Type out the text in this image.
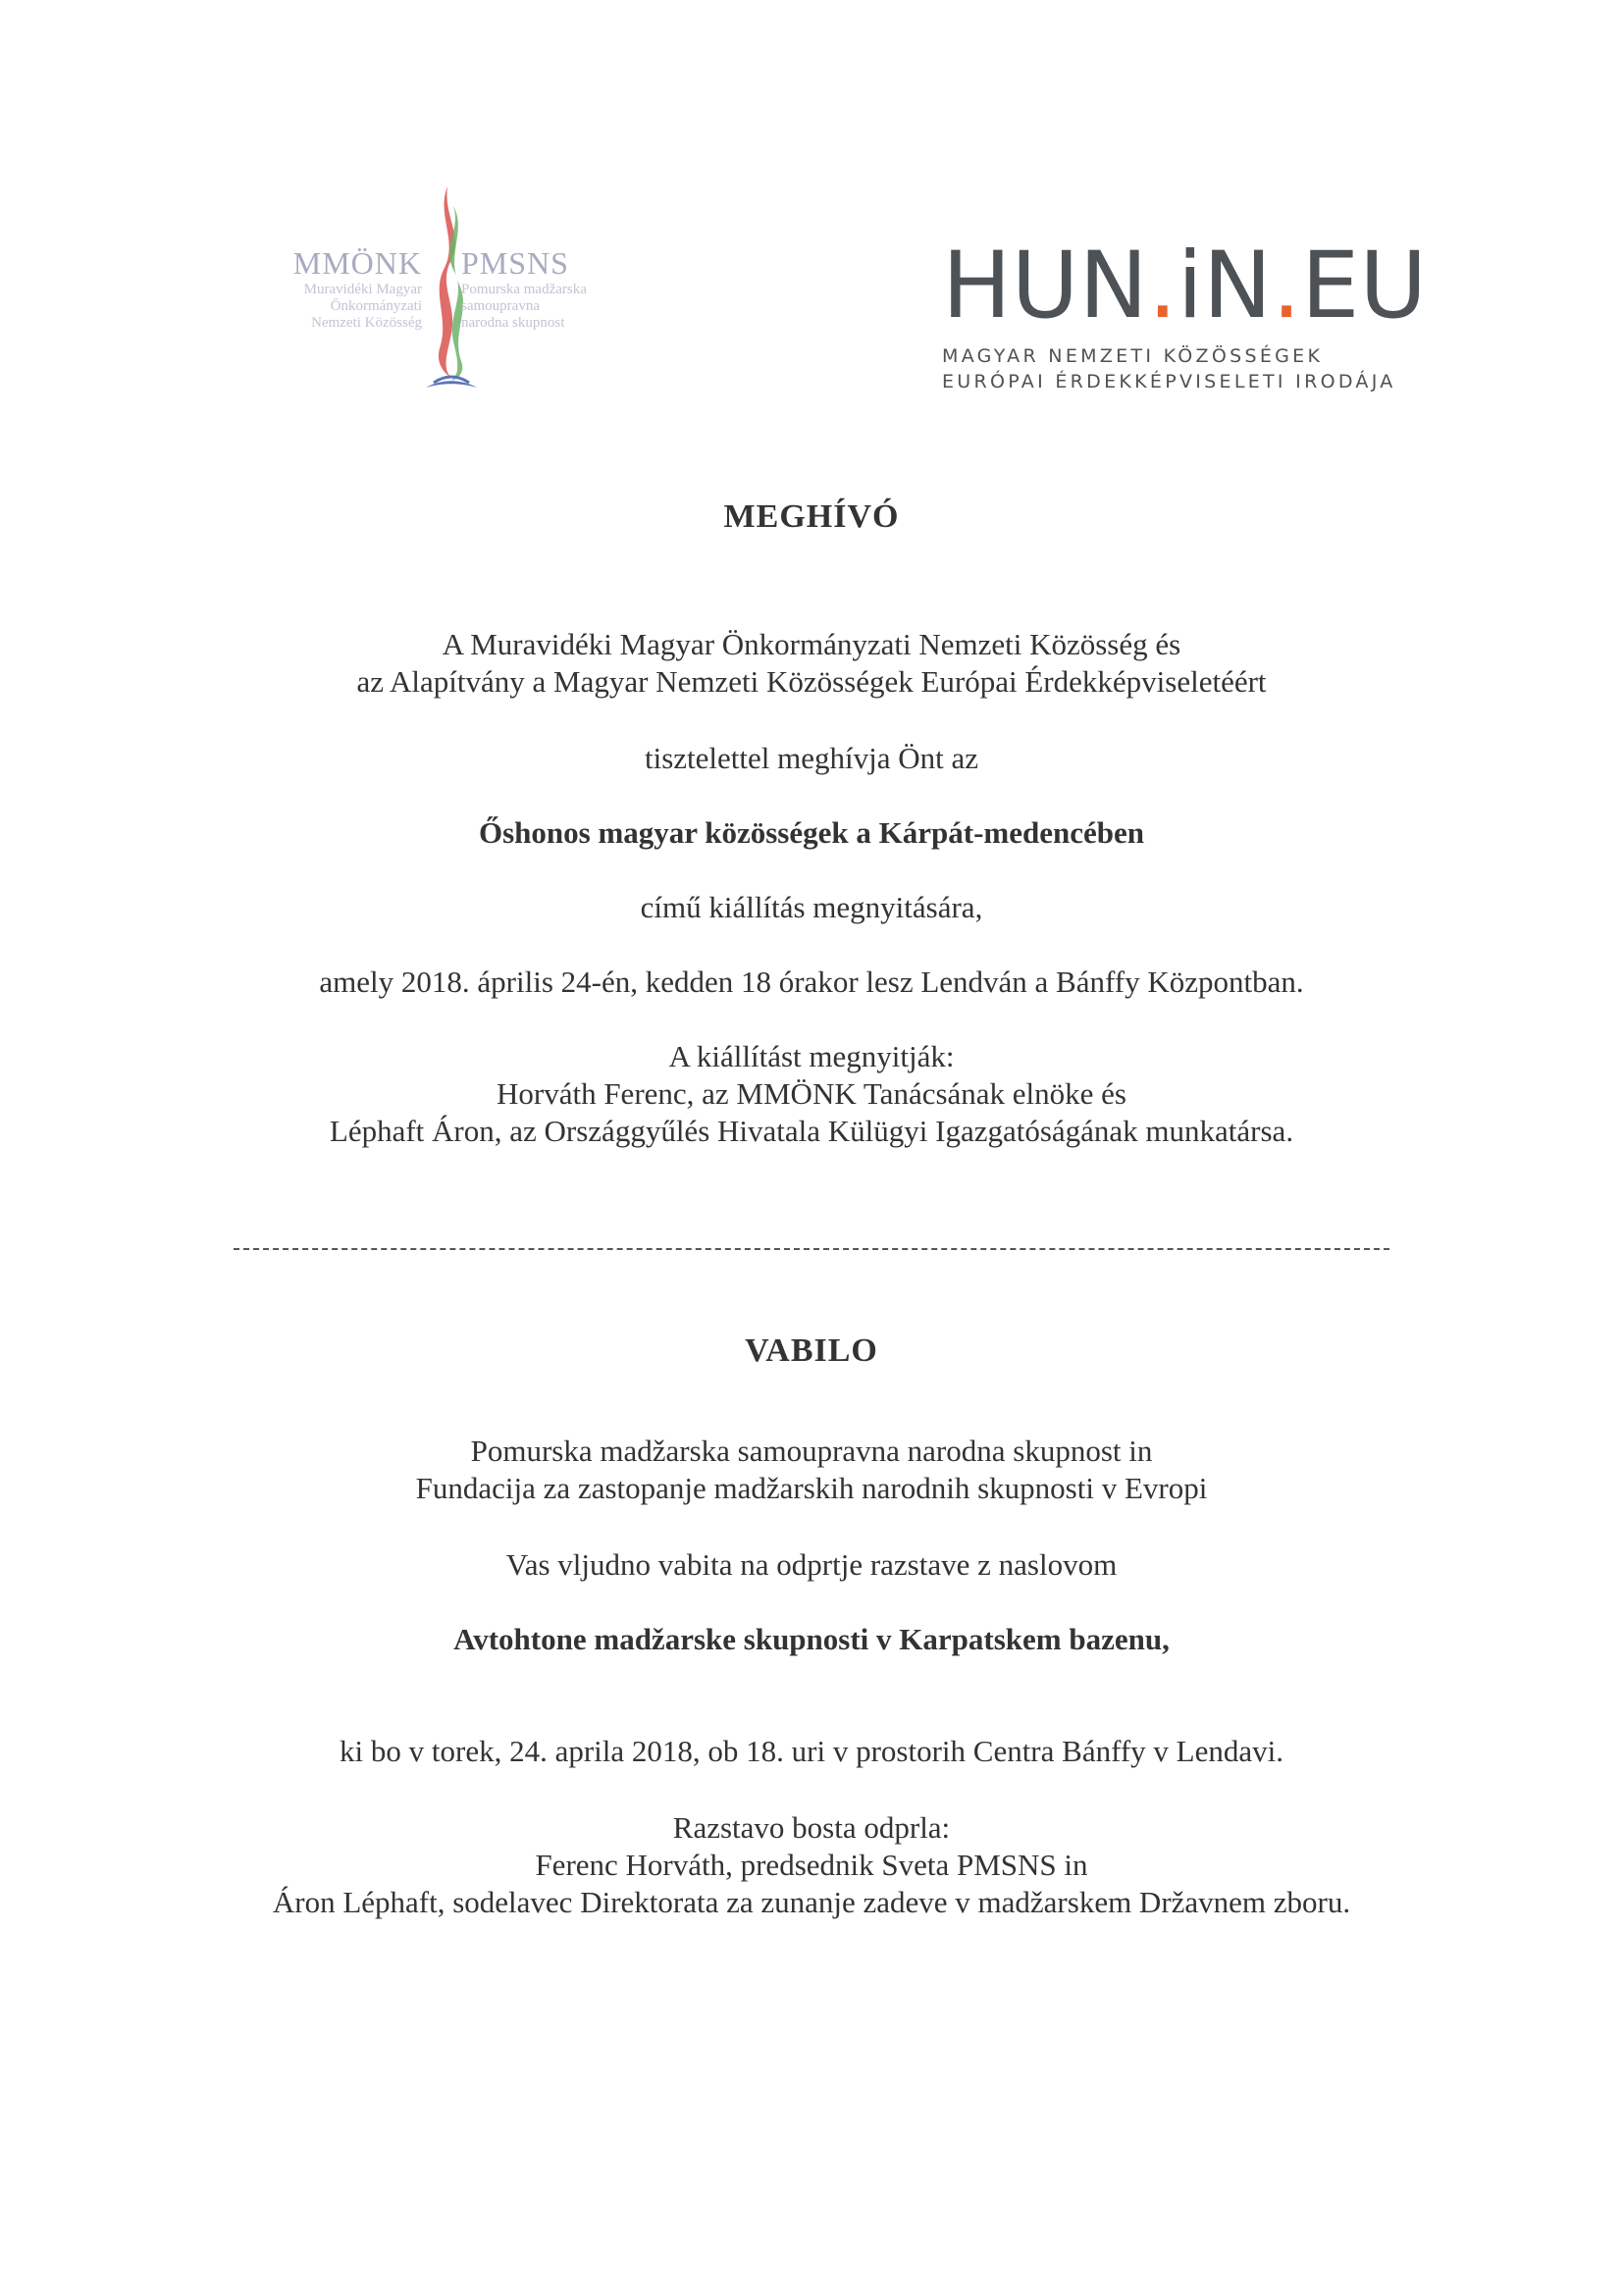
MMÖNK
Muravidéki Magyar
Önkormányzati
Nemzeti Közösség
PMSNS
Pomurska madžarska
samoupravna
narodna skupnost	HUN.iN.EU
MAGYAR NEMZETI KÖZÖSSÉGEK
EURÓPAI ÉRDEKKÉPVISELETI IRODÁJA
MEGHÍVÓ
A Muravidéki Magyar Önkormányzati Nemzeti Közösség és
az Alapítvány a Magyar Nemzeti Közösségek Európai Érdekképviseletéért
tisztelettel meghívja Önt az
Őshonos magyar közösségek a Kárpát-medencében
című kiállítás megnyitására,
amely 2018. április 24-én, kedden 18 órakor lesz Lendván a Bánffy Központban.
A kiállítást megnyitják:
Horváth Ferenc, az MMÖNK Tanácsának elnöke és
Léphaft Áron, az Országgyűlés Hivatala Külügyi Igazgatóságának munkatársa.
VABILO
Pomurska madžarska samoupravna narodna skupnost in
Fundacija za zastopanje madžarskih narodnih skupnosti v Evropi
Vas vljudno vabita na odprtje razstave z naslovom
Avtohtone madžarske skupnosti v Karpatskem bazenu,
ki bo v torek, 24. aprila 2018, ob 18. uri v prostorih Centra Bánffy v Lendavi.
Razstavo bosta odprla:
Ferenc Horváth, predsednik Sveta PMSNS in
Áron Léphaft, sodelavec Direktorata za zunanje zadeve v madžarskem Državnem zboru.
